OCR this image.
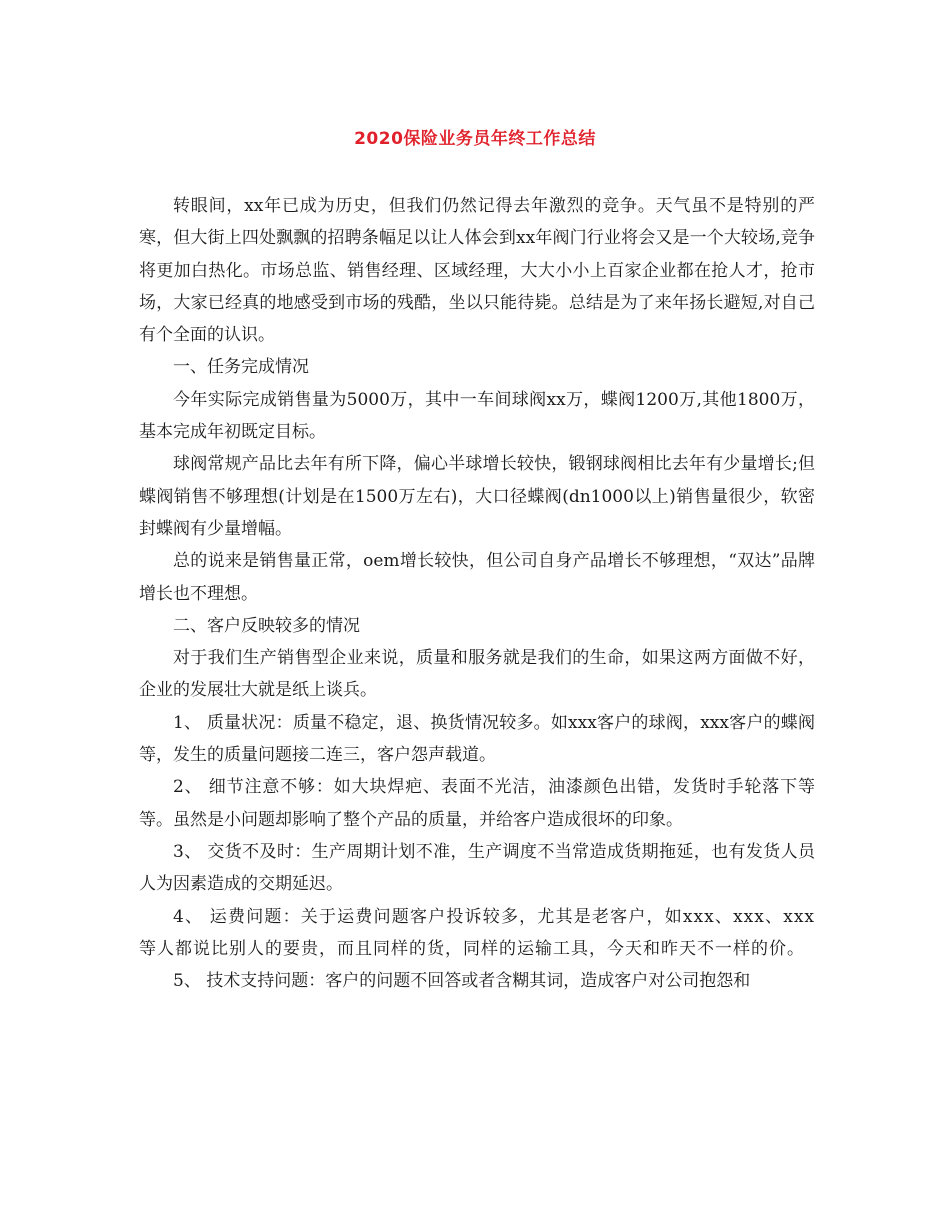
2020保险业务员年终工作总结

转眼间，xx年已成为历史，但我们仍然记得去年激烈的竞争。天气虽不是特别的严寒，但大街上四处飘飘的招聘条幅足以让人体会到xx年阀门行业将会又是一个大较场,竞争将更加白热化。市场总监、销售经理、区域经理，大大小小上百家企业都在抢人才，抢市场，大家已经真的地感受到市场的残酷，坐以只能待毙。总结是为了来年扬长避短,对自己有个全面的认识。

一、任务完成情况

今年实际完成销售量为5000万，其中一车间球阀xx万，蝶阀1200万,其他1800万，基本完成年初既定目标。

球阀常规产品比去年有所下降，偏心半球增长较快，锻钢球阀相比去年有少量增长;但蝶阀销售不够理想(计划是在1500万左右)，大口径蝶阀(dn1000以上)销售量很少，软密封蝶阀有少量增幅。

总的说来是销售量正常，oem增长较快，但公司自身产品增长不够理想，“双达”品牌增长也不理想。

二、客户反映较多的情况

对于我们生产销售型企业来说，质量和服务就是我们的生命，如果这两方面做不好，企业的发展壮大就是纸上谈兵。

1、 质量状况：质量不稳定，退、换货情况较多。如xxx客户的球阀，xxx客户的蝶阀等，发生的质量问题接二连三，客户怨声载道。

2、 细节注意不够：如大块焊疤、表面不光洁，油漆颜色出错，发货时手轮落下等等。虽然是小问题却影响了整个产品的质量，并给客户造成很坏的印象。

3、 交货不及时：生产周期计划不准，生产调度不当常造成货期拖延，也有发货人员人为因素造成的交期延迟。

4、 运费问题：关于运费问题客户投诉较多，尤其是老客户，如xxx、xxx、xxx等人都说比别人的要贵，而且同样的货，同样的运输工具，今天和昨天不一样的价。

5、 技术支持问题：客户的问题不回答或者含糊其词，造成客户对公司抱怨和
